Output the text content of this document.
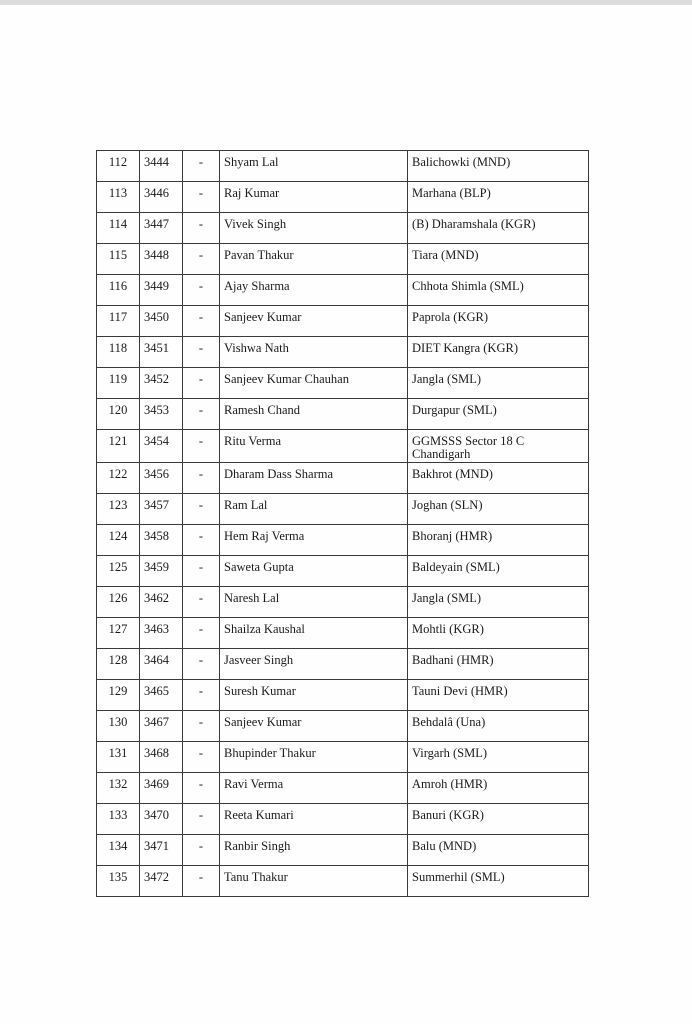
112	3444	-	Shyam Lal	Balichowki (MND)
113	3446	-	Raj Kumar	Marhana (BLP)
114	3447	-	Vivek Singh	(B) Dharamshala (KGR)
115	3448	-	Pavan Thakur	Tiara (MND)
116	3449	-	Ajay Sharma	Chhota Shimla (SML)
117	3450	-	Sanjeev Kumar	Paprola (KGR)
118	3451	-	Vishwa Nath	DIET Kangra (KGR)
119	3452	-	Sanjeev Kumar Chauhan	Jangla (SML)
120	3453	-	Ramesh Chand	Durgapur (SML)
121	3454	-	Ritu Verma	GGMSSS Sector 18 C Chandigarh
122	3456	-	Dharam Dass Sharma	Bakhrot (MND)
123	3457	-	Ram Lal	Joghan (SLN)
124	3458	-	Hem Raj Verma	Bhoranj (HMR)
125	3459	-	Saweta Gupta	Baldeyain (SML)
126	3462	-	Naresh Lal	Jangla (SML)
127	3463	-	Shailza Kaushal	Mohtli (KGR)
128	3464	-	Jasveer Singh	Badhani (HMR)
129	3465	-	Suresh Kumar	Tauni Devi (HMR)
130	3467	-	Sanjeev Kumar	Behdalâ (Una)
131	3468	-	Bhupinder Thakur	Virgarh (SML)
132	3469	-	Ravi Verma	Amroh (HMR)
133	3470	-	Reeta Kumari	Banuri (KGR)
134	3471	-	Ranbir Singh	Balu (MND)
135	3472	-	Tanu Thakur	Summerhil (SML)
